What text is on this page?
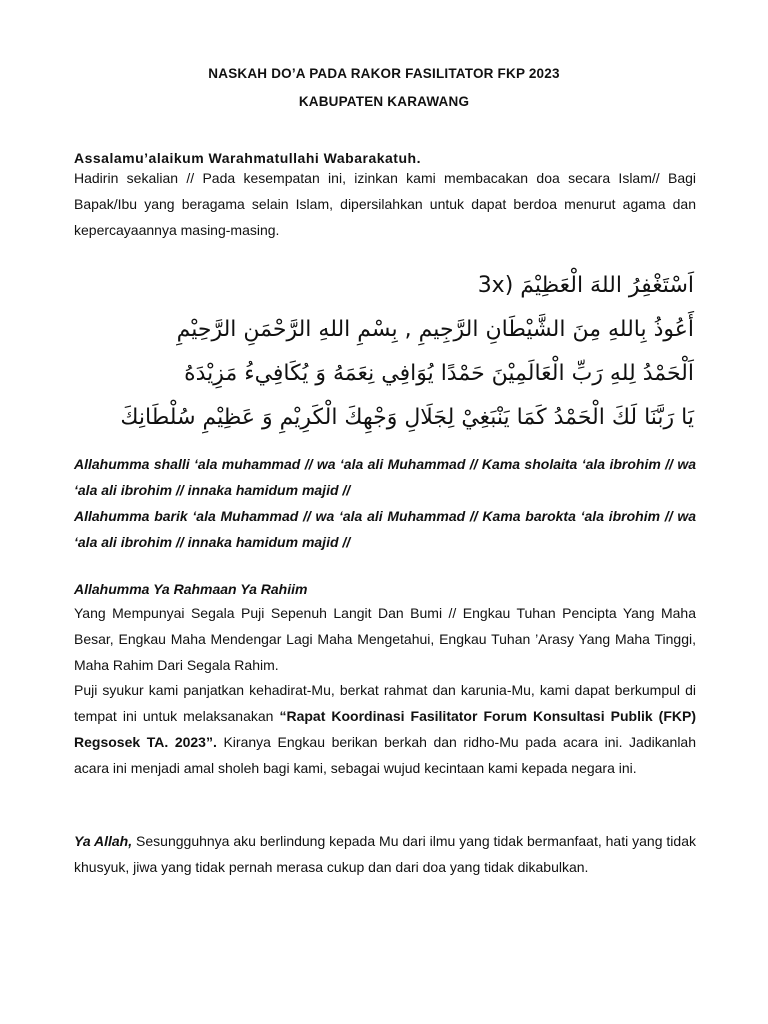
NASKAH DO’A PADA RAKOR FASILITATOR FKP 2023
KABUPATEN KARAWANG

Assalamu’alaikum Warahmatullahi Wabarakatuh.

Hadirin sekalian // Pada kesempatan ini, izinkan kami membacakan doa secara Islam// Bagi Bapak/Ibu yang beragama selain Islam, dipersilahkan untuk dapat berdoa menurut agama dan kepercayaannya masing-masing.

اَسْتَغْفِرُ اللهَ الْعَظِيْمَ (3x
أَعُوذُ بِاللهِ مِنَ الشَّيْطَانِ الرَّجِيمِ , بِسْمِ اللهِ الرَّحْمَنِ الرَّحِيْمِ
اَلْحَمْدُ لِلهِ رَبِّ الْعَالَمِيْنَ حَمْدًا يُوَافِي نِعَمَهُ وَ يُكَافِيءُ مَزِيْدَهُ
يَا رَبَّنَا لَكَ الْحَمْدُ كَمَا يَنْبَغِيْ لِجَلَالِ وَجْهِكَ الْكَرِيْمِ وَ عَظِيْمِ سُلْطَانِكَ

Allahumma shalli ‘ala muhammad // wa ‘ala ali Muhammad // Kama sholaita ‘ala ibrohim // wa ‘ala ali ibrohim // innaka hamidum majid //

Allahumma barik ‘ala Muhammad // wa ‘ala ali Muhammad // Kama barokta ‘ala ibrohim // wa ‘ala ali ibrohim // innaka hamidum majid //

Allahumma Ya Rahmaan Ya Rahiim

Yang Mempunyai Segala Puji Sepenuh Langit Dan Bumi // Engkau Tuhan Pencipta Yang Maha Besar, Engkau Maha Mendengar Lagi Maha Mengetahui, Engkau Tuhan ’Arasy Yang Maha Tinggi, Maha Rahim Dari Segala Rahim.

Puji syukur kami panjatkan kehadirat-Mu, berkat rahmat dan karunia-Mu, kami dapat berkumpul di tempat ini untuk melaksanakan “Rapat Koordinasi Fasilitator Forum Konsultasi Publik (FKP) Regsosek TA. 2023”. Kiranya Engkau berikan berkah dan ridho-Mu pada acara ini. Jadikanlah acara ini menjadi amal sholeh bagi kami, sebagai wujud kecintaan kami kepada negara ini.

Ya Allah, Sesungguhnya aku berlindung kepada Mu dari ilmu yang tidak bermanfaat, hati yang tidak khusyuk, jiwa yang tidak pernah merasa cukup dan dari doa yang tidak dikabulkan.
